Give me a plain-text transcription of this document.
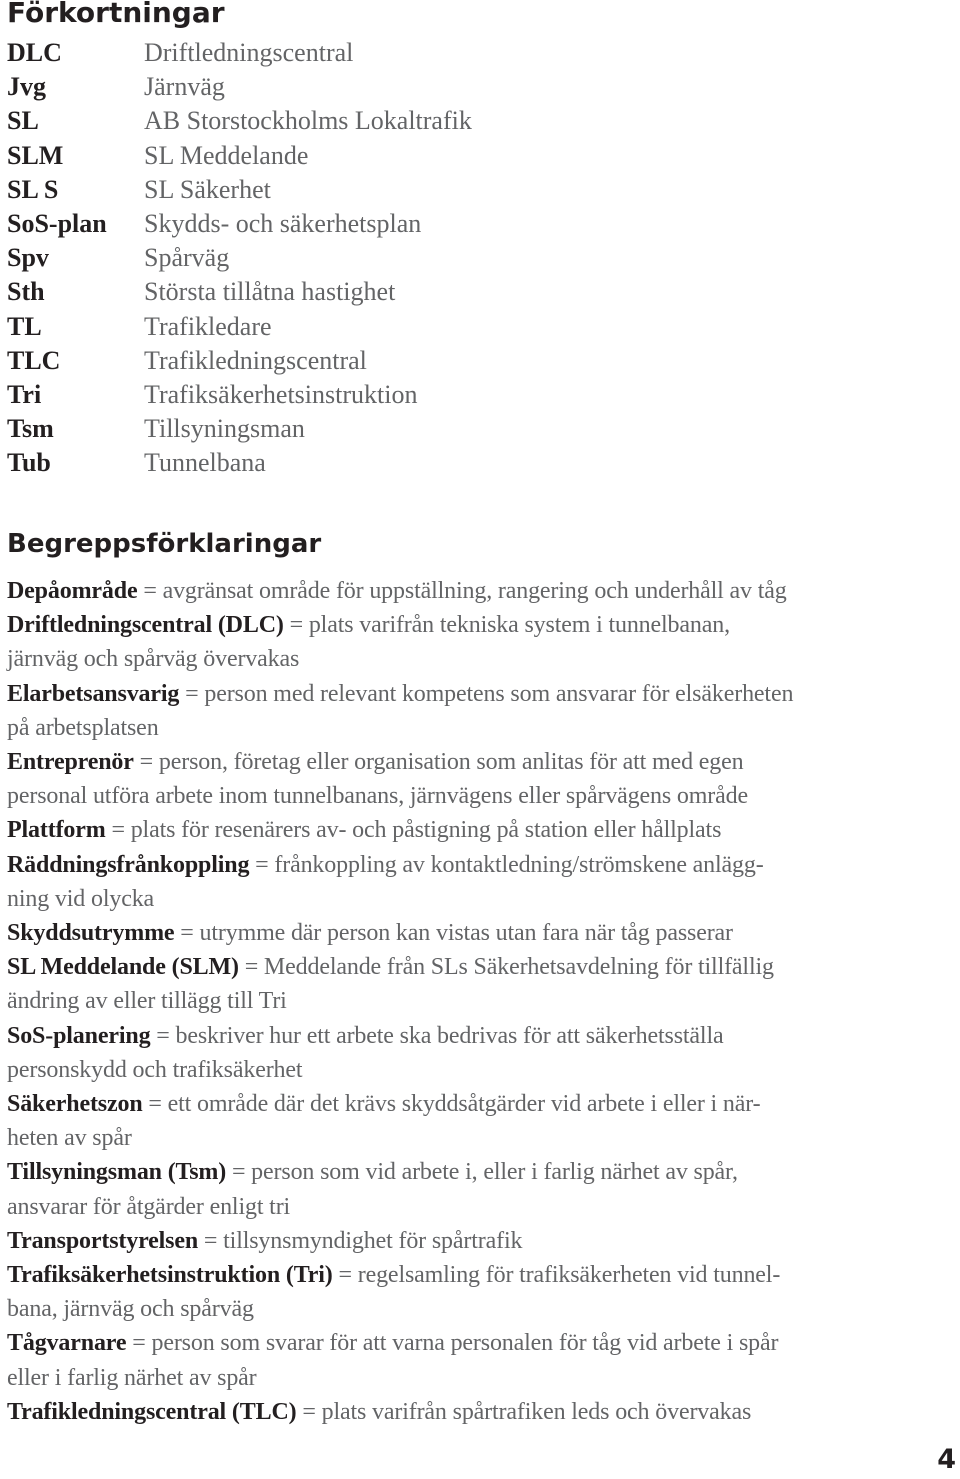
Förkortningar
DLC	Driftledningscentral
Jvg	Järnväg
SL	AB Storstockholms Lokaltrafik
SLM	SL Meddelande
SL S	SL Säkerhet
SoS-plan	Skydds- och säkerhetsplan
Spv	Spårväg
Sth	Största tillåtna hastighet
TL	Trafikledare
TLC	Trafikledningscentral
Tri	Trafiksäkerhetsinstruktion
Tsm	Tillsyningsman
Tub	Tunnelbana
Begreppsförklaringar
Depåområde = avgränsat område för uppställning, rangering och underhåll av tåg
Driftledningscentral (DLC) = plats varifrån tekniska system i tunnelbanan,
järnväg och spårväg övervakas
Elarbetsansvarig = person med relevant kompetens som ansvarar för elsäkerheten
på arbetsplatsen
Entreprenör = person, företag eller organisation som anlitas för att med egen
personal utföra arbete inom tunnelbanans, järnvägens eller spårvägens område
Plattform = plats för resenärers av- och påstigning på station eller hållplats
Räddningsfrånkoppling = frånkoppling av kontaktledning/strömskene anlägg-
ning vid olycka
Skyddsutrymme = utrymme där person kan vistas utan fara när tåg passerar
SL Meddelande (SLM) = Meddelande från SLs Säkerhetsavdelning för tillfällig
ändring av eller tillägg till Tri
SoS-planering = beskriver hur ett arbete ska bedrivas för att säkerhetsställa
personskydd och trafiksäkerhet
Säkerhetszon = ett område där det krävs skyddsåtgärder vid arbete i eller i när-
heten av spår
Tillsyningsman (Tsm) = person som vid arbete i, eller i farlig närhet av spår,
ansvarar för åtgärder enligt tri
Transportstyrelsen = tillsynsmyndighet för spårtrafik
Trafiksäkerhetsinstruktion (Tri) = regelsamling för trafiksäkerheten vid tunnel-
bana, järnväg och spårväg
Tågvarnare = person som svarar för att varna personalen för tåg vid arbete i spår
eller i farlig närhet av spår
Trafikledningscentral (TLC) = plats varifrån spårtrafiken leds och övervakas
4
